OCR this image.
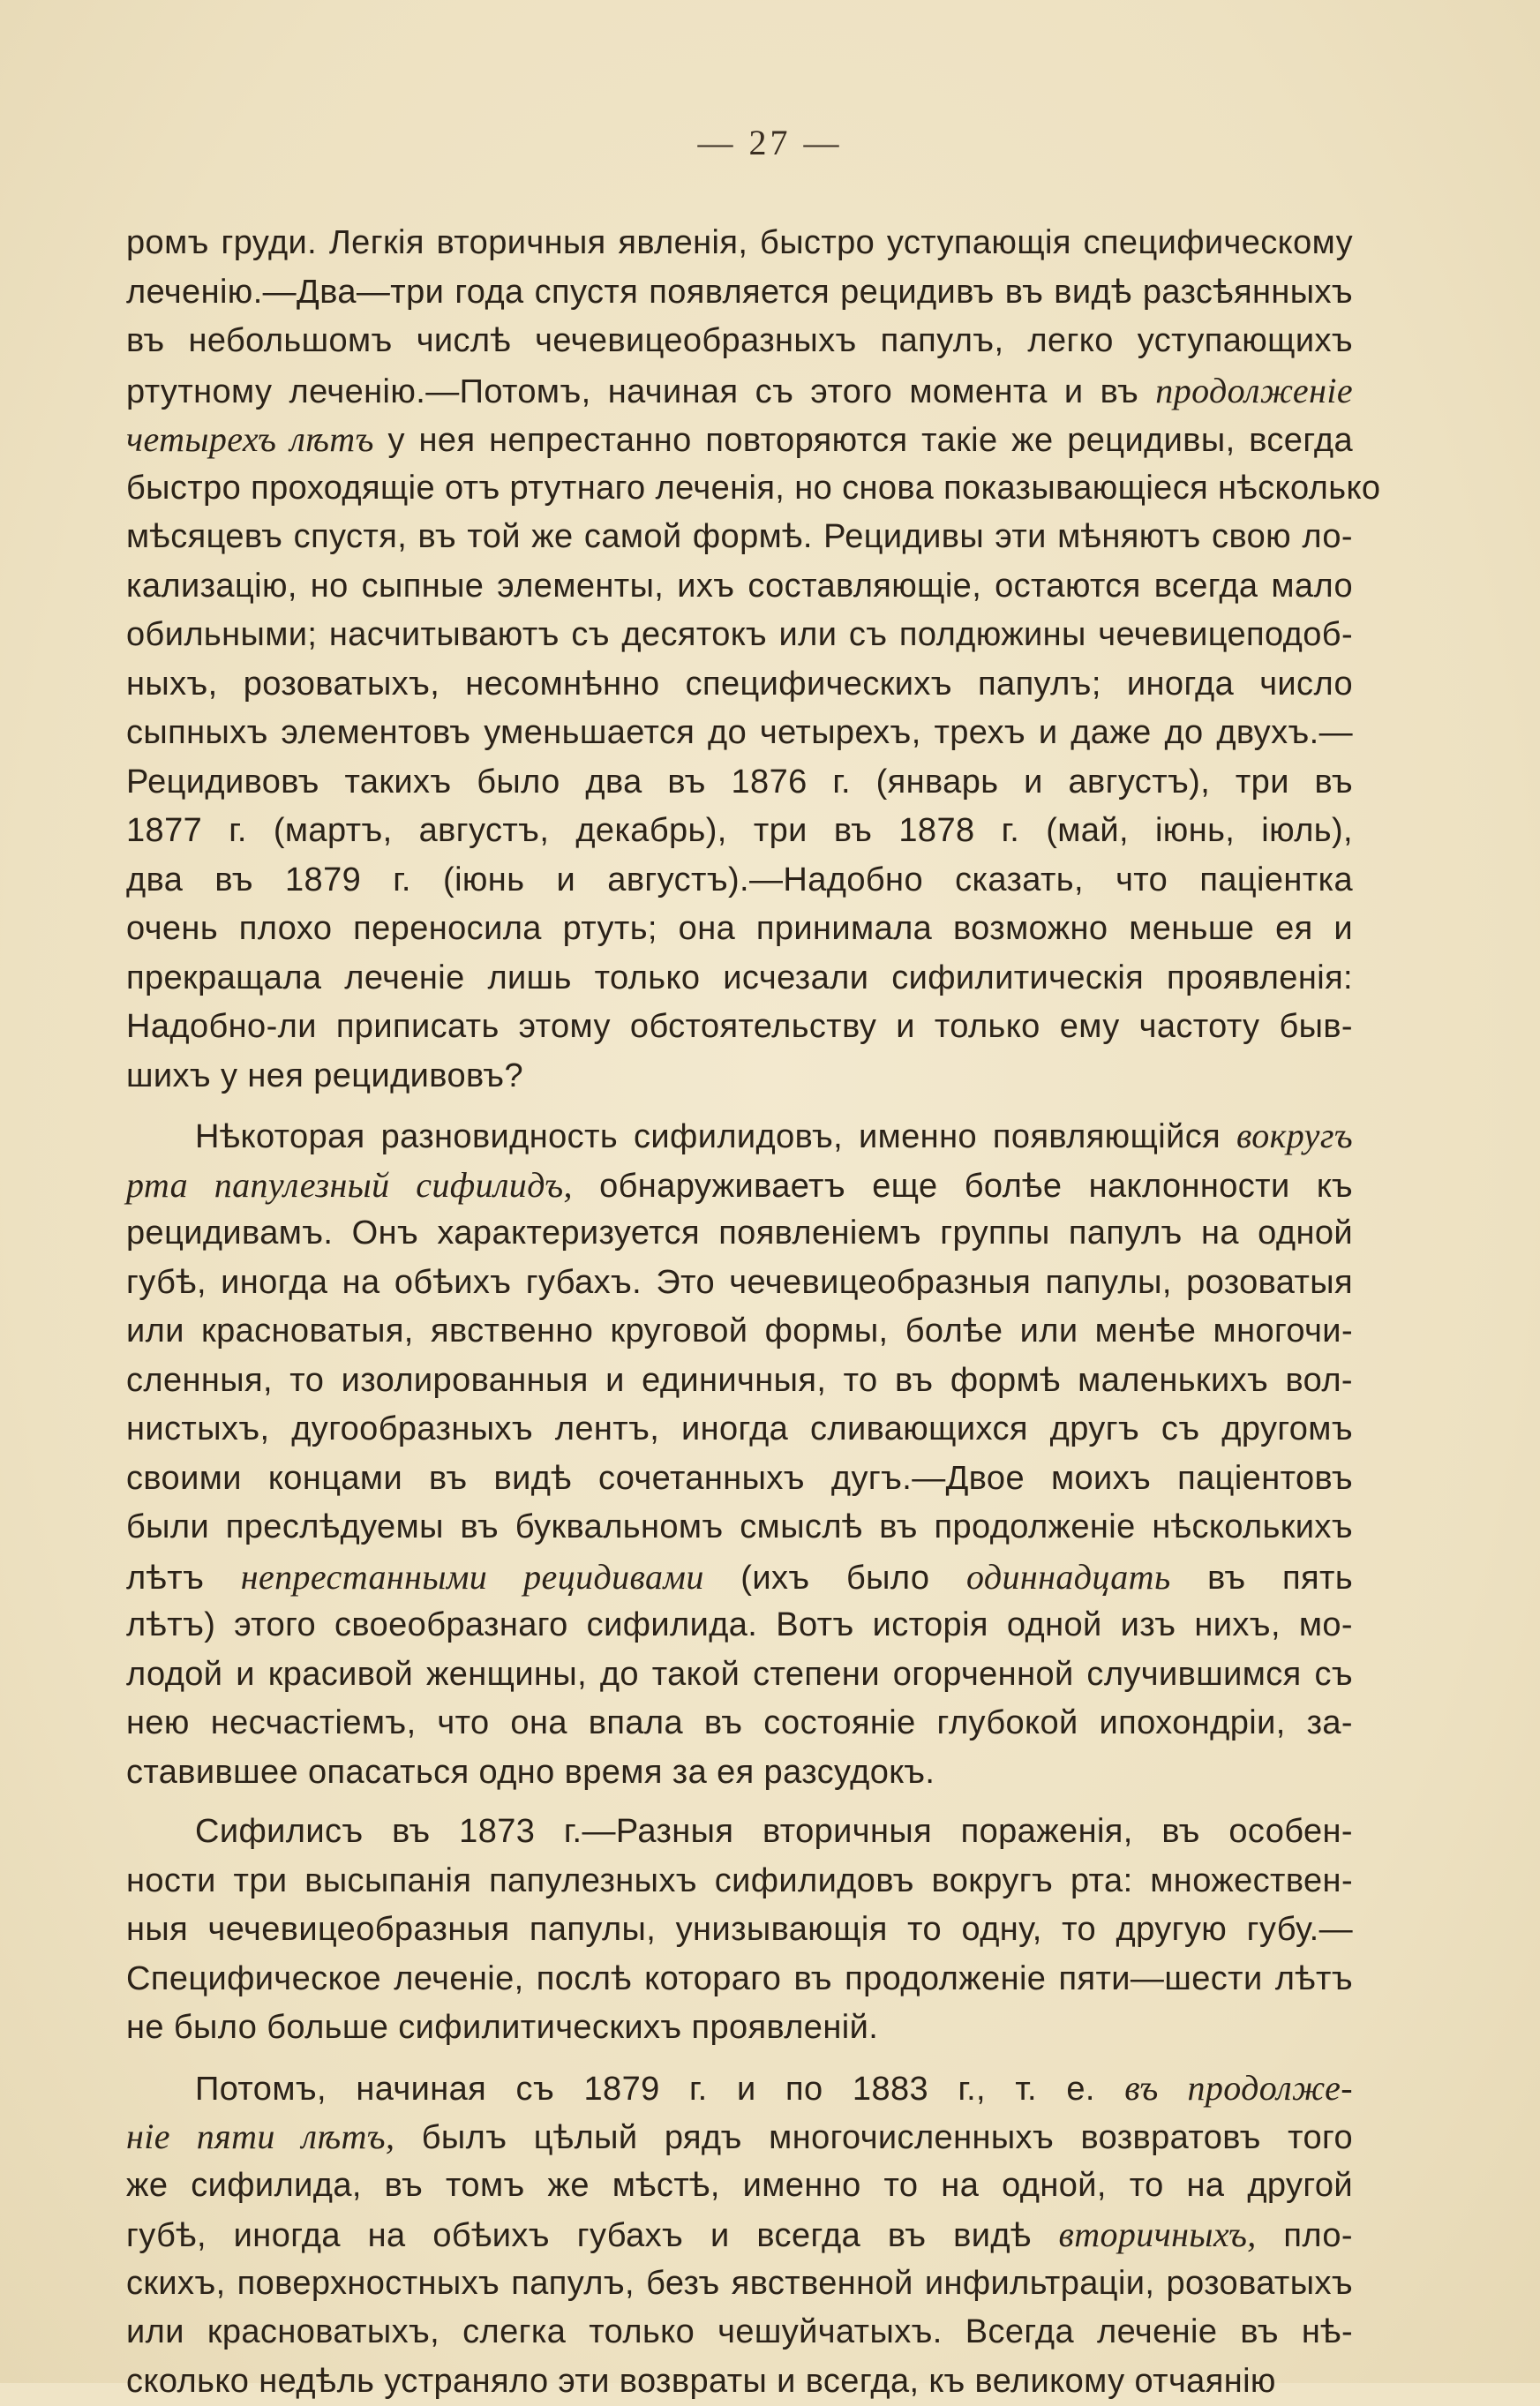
— 27 —
ромъ груди. Легкія вторичныя явленія, быстро уступающія специфическому
леченію.—Два—три года спустя появляется рецидивъ въ видѣ разсѣянныхъ
въ небольшомъ числѣ чечевицеобразныхъ папулъ, легко уступающихъ
ртутному леченію.—Потомъ, начиная съ этого момента и въ продолженіе
четырехъ лѣтъ у нея непрестанно повторяются такіе же рецидивы, всегда
быстро проходящіе отъ ртутнаго леченія, но снова показывающіеся нѣсколько
мѣсяцевъ спустя, въ той же самой формѣ. Рецидивы эти мѣняютъ свою ло-
кализацію, но сыпные элементы, ихъ составляющіе, остаются всегда мало
обильными; насчитываютъ съ десятокъ или съ полдюжины чечевицеподоб-
ныхъ, розоватыхъ, несомнѣнно специфическихъ папулъ; иногда число
сыпныхъ элементовъ уменьшается до четырехъ, трехъ и даже до двухъ.—
Рецидивовъ такихъ было два въ 1876 г. (январь и августъ), три въ
1877 г. (мартъ, августъ, декабрь), три въ 1878 г. (май, іюнь, іюль),
два въ 1879 г. (іюнь и августъ).—Надобно сказать, что паціентка
очень плохо переносила ртуть; она принимала возможно меньше ея и
прекращала леченіе лишь только исчезали сифилитическія проявленія:
Надобно-ли приписать этому обстоятельству и только ему частоту быв-
шихъ у нея рецидивовъ?
Нѣкоторая разновидность сифилидовъ, именно появляющійся вокругъ
рта папулезный сифилидъ, обнаруживаетъ еще болѣе наклонности къ
рецидивамъ. Онъ характеризуется появленіемъ группы папулъ на одной
губѣ, иногда на обѣихъ губахъ. Это чечевицеобразныя папулы, розоватыя
или красноватыя, явственно круговой формы, болѣе или менѣе многочи-
сленныя, то изолированныя и единичныя, то въ формѣ маленькихъ вол-
нистыхъ, дугообразныхъ лентъ, иногда сливающихся другъ съ другомъ
своими концами въ видѣ сочетанныхъ дугъ.—Двое моихъ паціентовъ
были преслѣдуемы въ буквальномъ смыслѣ въ продолженіе нѣсколькихъ
лѣтъ непрестанными рецидивами (ихъ было одиннадцать въ пять
лѣтъ) этого своеобразнаго сифилида. Вотъ исторія одной изъ нихъ, мо-
лодой и красивой женщины, до такой степени огорченной случившимся съ
нею несчастіемъ, что она впала въ состояніе глубокой ипохондріи, за-
ставившее опасаться одно время за ея разсудокъ.
Сифилисъ въ 1873 г.—Разныя вторичныя пораженія, въ особен-
ности три высыпанія папулезныхъ сифилидовъ вокругъ рта: множествен-
ныя чечевицеобразныя папулы, унизывающія то одну, то другую губу.—
Специфическое леченіе, послѣ котораго въ продолженіе пяти—шести лѣтъ
не было больше сифилитическихъ проявленій.
Потомъ, начиная съ 1879 г. и по 1883 г., т. е. въ продолже-
ніе пяти лѣтъ, былъ цѣлый рядъ многочисленныхъ возвратовъ того
же сифилида, въ томъ же мѣстѣ, именно то на одной, то на другой
губѣ, иногда на обѣихъ губахъ и всегда въ видѣ вторичныхъ, пло-
скихъ, поверхностныхъ папулъ, безъ явственной инфильтраціи, розоватыхъ
или красноватыхъ, слегка только чешуйчатыхъ. Всегда леченіе въ нѣ-
сколько недѣль устраняло эти возвраты и всегда, къ великому отчаянію
